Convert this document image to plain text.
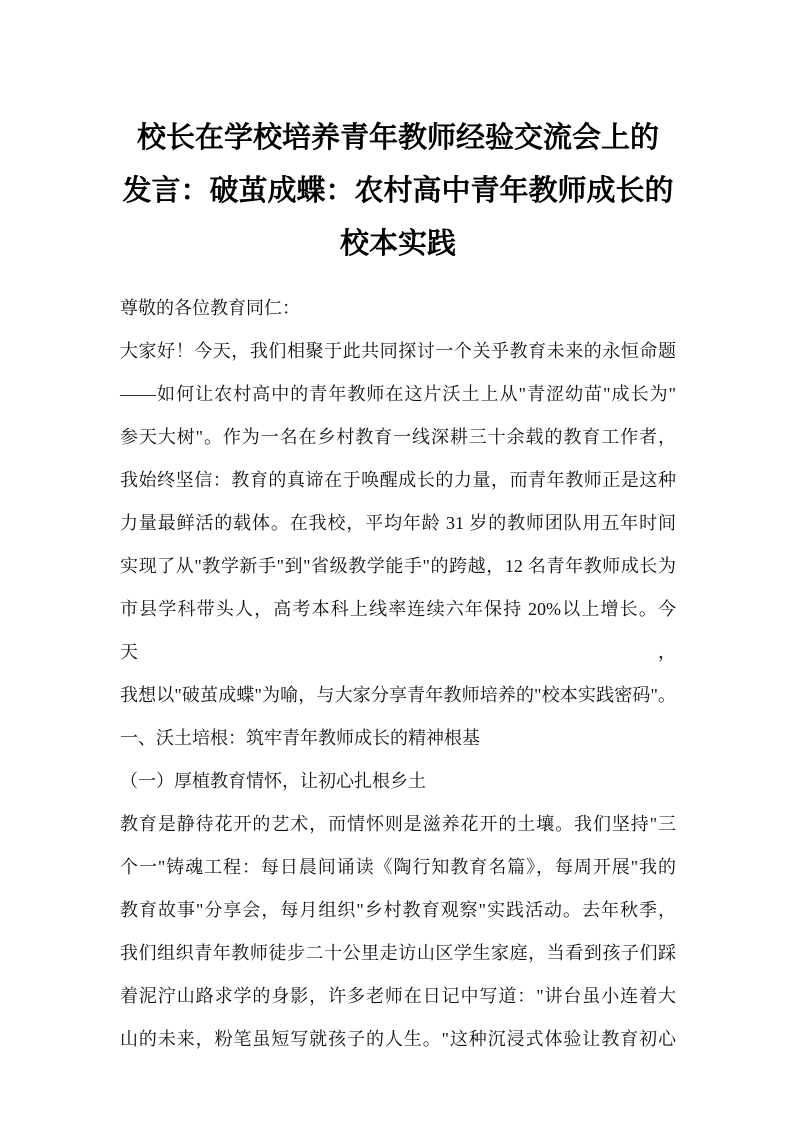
校长在学校培养青年教师经验交流会上的
发言：破茧成蝶：农村高中青年教师成长的
校本实践
尊敬的各位教育同仁：
大家好！今天，我们相聚于此共同探讨一个关乎教育未来的永恒命题
——如何让农村高中的青年教师在这片沃土上从"青涩幼苗"成长为"
参天大树"。作为一名在乡村教育一线深耕三十余载的教育工作者，
我始终坚信：教育的真谛在于唤醒成长的力量，而青年教师正是这种
力量最鲜活的载体。在我校，平均年龄 31 岁的教师团队用五年时间
实现了从"教学新手"到"省级教学能手"的跨越，12 名青年教师成长为
市县学科带头人，高考本科上线率连续六年保持 20%以上增长。今天，
我想以"破茧成蝶"为喻，与大家分享青年教师培养的"校本实践密码"。
一、沃土培根：筑牢青年教师成长的精神根基
（一）厚植教育情怀，让初心扎根乡土
教育是静待花开的艺术，而情怀则是滋养花开的土壤。我们坚持"三
个一"铸魂工程：每日晨间诵读《陶行知教育名篇》，每周开展"我的
教育故事"分享会，每月组织"乡村教育观察"实践活动。去年秋季，
我们组织青年教师徒步二十公里走访山区学生家庭，当看到孩子们踩
着泥泞山路求学的身影，许多老师在日记中写道："讲台虽小连着大
山的未来，粉笔虽短写就孩子的人生。"这种沉浸式体验让教育初心
